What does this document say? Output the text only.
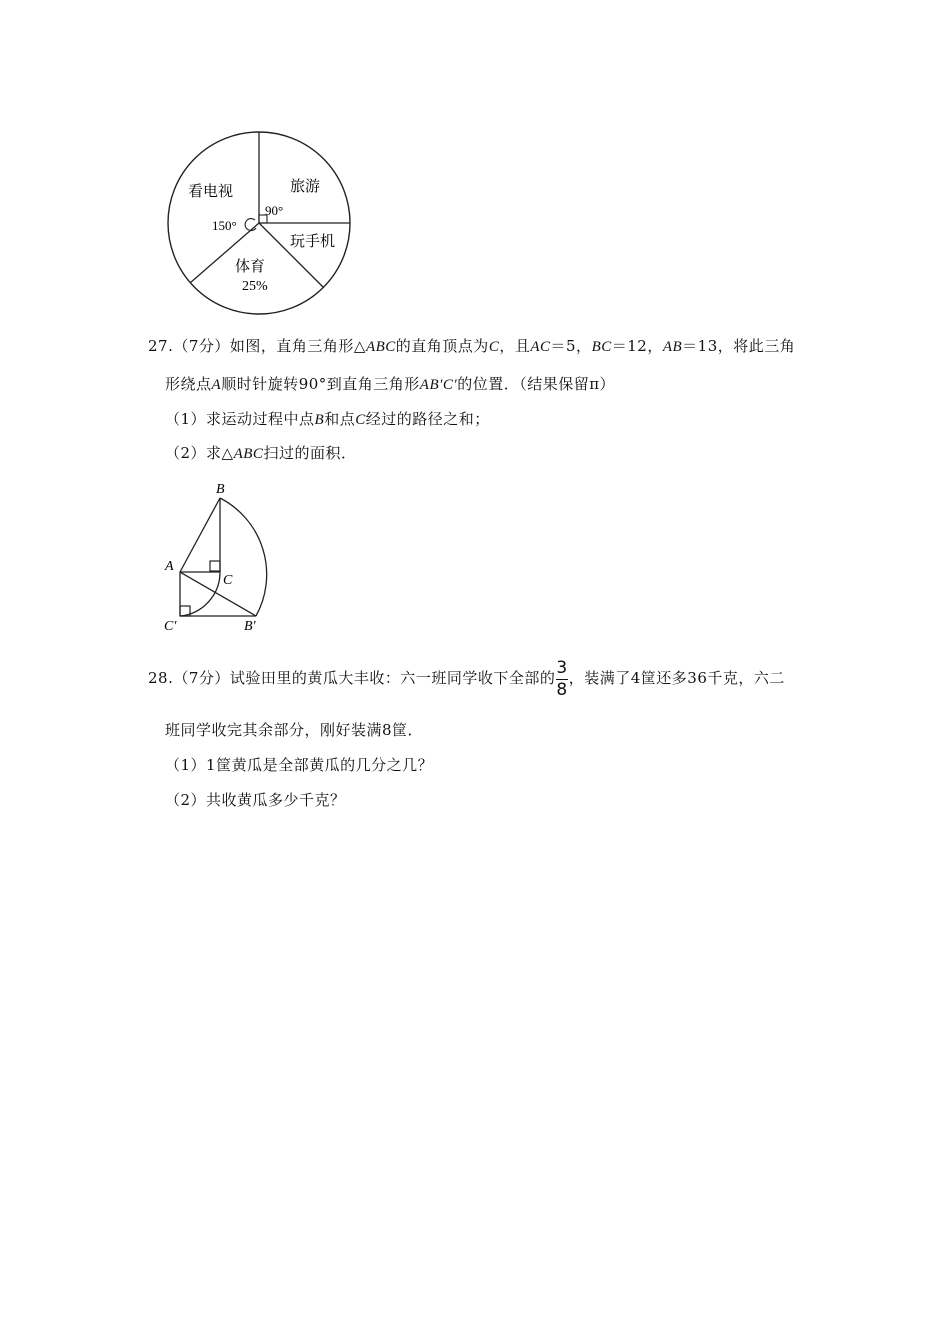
看电视	旅游
玩手机
体育
150°
90°
25%
27.（7分）如图，直角三角形△ABC的直角顶点为C，且AC＝5，BC＝12，AB＝13，将此三角
形绕点A顺时针旋转90°到直角三角形AB′C′的位置．（结果保留π）
（1）求运动过程中点B和点C经过的路径之和；
（2）求△ABC扫过的面积．
B
A
C
C′	B′
28.（7分）试验田里的黄瓜大丰收：六一班同学收下全部的 $\frac{3}{8}$ ，装满了4筐还多36千克，六二
班同学收完其余部分，刚好装满8筐．
（1）1筐黄瓜是全部黄瓜的几分之几？
（2）共收黄瓜多少千克？
